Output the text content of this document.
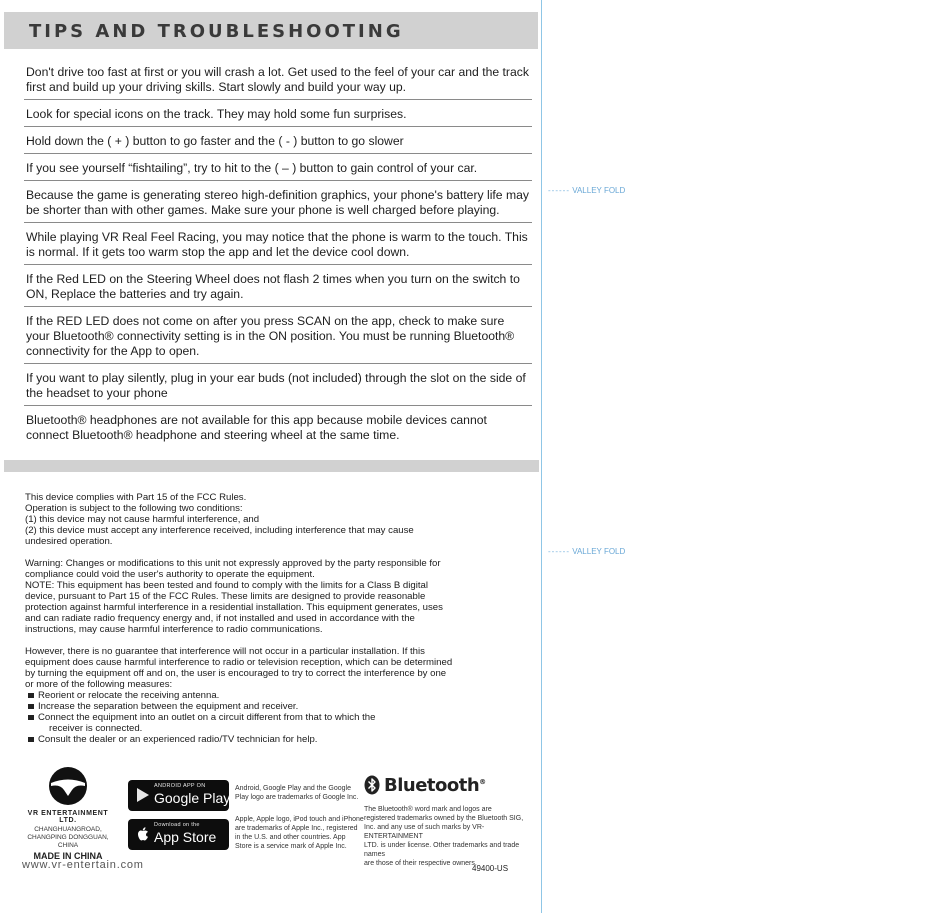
------ VALLEY FOLD
------ VALLEY FOLD
TIPS AND TROUBLESHOOTING
Don't drive too fast at first or you will crash a lot. Get used to the feel of your car and the track first and build up your driving skills. Start slowly and build your way up.
Look for special icons on the track. They may hold some fun surprises.
Hold down the ( + ) button to go faster and the ( - ) button to go slower
If you see yourself “fishtailing”, try to hit to the ( – ) button to gain control of your car.
Because the game is generating stereo high-definition graphics, your phone's battery life may be shorter than with other games. Make sure your phone is well charged before playing.
While playing VR Real Feel Racing, you may notice that the phone is warm to the touch. This is normal. If it gets too warm stop the app and let the device cool down.
If the Red LED on the Steering Wheel does not flash 2 times when you turn on the switch to ON, Replace the batteries and try again.
If the RED LED does not come on after you press SCAN on the app, check to make sure your Bluetooth® connectivity setting is in the ON position. You must be running Bluetooth® connectivity for the App to open.
If you want to play silently, plug in your ear buds (not included) through the slot on the side of the headset to your phone
Bluetooth® headphones are not available for this app because mobile devices cannot connect Bluetooth® headphone and steering wheel at the same time.

This device complies with Part 15 of the FCC Rules.
Operation is subject to the following two conditions:
(1) this device may not cause harmful interference, and
(2) this device must accept any interference received, including interference that may cause
undesired operation.

Warning: Changes or modifications to this unit not expressly approved by the party responsible for
compliance could void the user's authority to operate the equipment.
NOTE: This equipment has been tested and found to comply with the limits for a Class B digital
device, pursuant to Part 15 of the FCC Rules. These limits are designed to provide reasonable
protection against harmful interference in a residential installation. This equipment generates, uses
and can radiate radio frequency energy and, if not installed and used in accordance with the
instructions, may cause harmful interference to radio communications.

However, there is no guarantee that interference will not occur in a particular installation. If this
equipment does cause harmful interference to radio or television reception, which can be determined
by turning the equipment off and on, the user is encouraged to try to correct the interference by one
or more of the following measures:
Reorient or relocate the receiving antenna.
Increase the separation between the equipment and receiver.
Connect the equipment into an outlet on a circuit different from that to which the
receiver is connected.
Consult the dealer or an experienced radio/TV technician for help.
VR ENTERTAINMENT LTD.
CHANGHUANGROAD,
CHANGPING DONGGUAN, CHINA
MADE IN CHINA
ANDROID APP ON
Google Play
Download on the
App Store
Android, Google Play and the Google
Play logo are trademarks of Google Inc.
Apple, Apple logo, iPod touch and iPhone
are trademarks of Apple Inc., registered
in the U.S. and other countries. App
Store is a service mark of Apple Inc.
Bluetooth®
The Bluetooth® word mark and logos are
registered trademarks owned by the Bluetooth SIG,
Inc. and any use of such marks by VR-ENTERTAINMENT
LTD. is under license. Other trademarks and trade names
are those of their respective owners.
www.vr-entertain.com	49400-US
